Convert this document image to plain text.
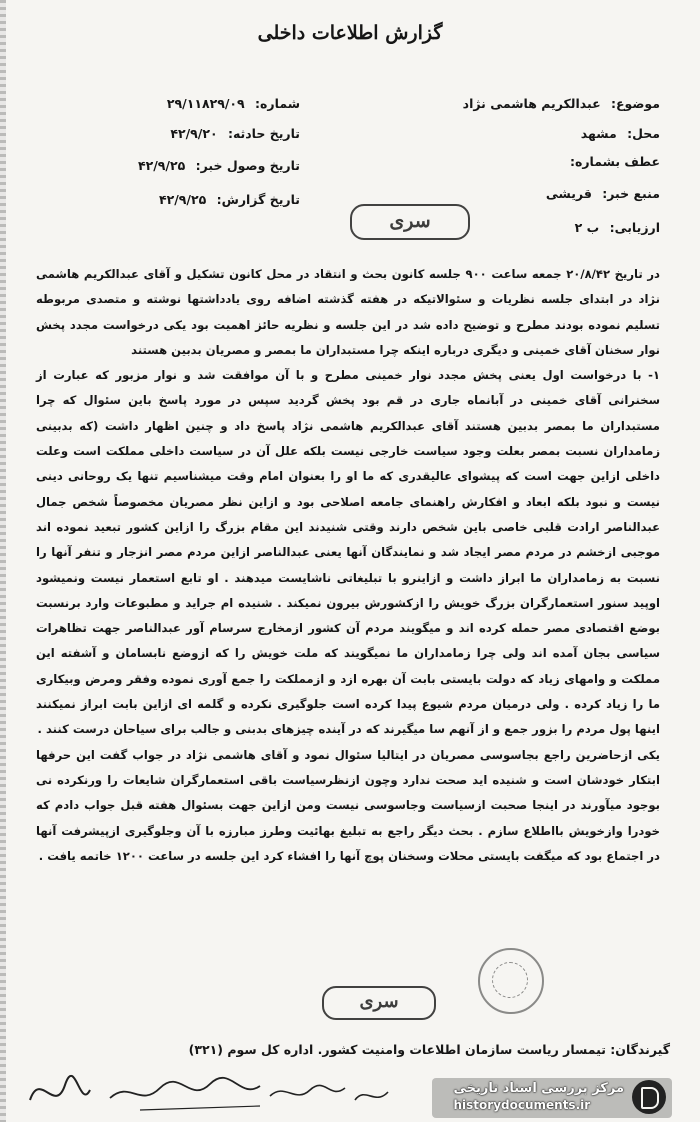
گزارش اطلاعات داخلی
موضوع: عبدالکریم هاشمی نژاد
محل: مشهد
عطف بشماره:
منبع خبر: قریشی
ارزیابی: ب ۲
شماره: ۲۹/۱۱۸۲۹/۰۹
تاریخ حادثه: ۴۲/۹/۲۰
تاریخ وصول خبر: ۴۲/۹/۲۵
تاریخ گزارش: ۴۲/۹/۲۵
سری

در تاریخ ۲۰/۸/۴۲ جمعه ساعت ۹۰۰ جلسه کانون بحث و انتقاد در محل کانون تشکیل و آقای عبدالکریم هاشمی نژاد در ابتدای جلسه نظریات و سئوالاتیکه در هفته گذشته اضافه روی یادداشتها نوشته و متصدی مربوطه تسلیم نموده بودند مطرح و توضیح داده شد در این جلسه و نظریه حائز اهمیت بود یکی درخواست مجدد پخش نوار سخنان آقای خمینی و دیگری درباره اینکه چرا مستبداران ما بمصر و مصریان بدبین هستند

۱- با درخواست اول یعنی پخش مجدد نوار خمینی مطرح و با آن موافقت شد و نوار مزبور که عبارت از سخنرانی آقای خمینی در آبانماه جاری در قم بود پخش گردید سپس در مورد پاسخ باین سئوال که چرا مستبداران ما بمصر بدبین هستند آقای عبدالکریم هاشمی نژاد پاسخ داد و چنین اظهار داشت (که بدبینی زمامداران نسبت بمصر بعلت وجود سیاست خارجی نیست بلکه علل آن در سیاست داخلی مملکت است وعلت داخلی ازاین جهت است که پیشوای عالیقدری که ما او را بعنوان امام وقت میشناسیم تنها یک روحانی دینی نیست و نبود بلکه ابعاد و افکارش راهنمای جامعه اصلاحی بود و ازاین نظر مصریان مخصوصاً شخص جمال عبدالناصر ارادت قلبی خاصی باین شخص دارند وقتی شنیدند این مقام بزرگ را ازاین کشور تبعید نموده اند موجبی ازخشم در مردم مصر ایجاد شد و نمایندگان آنها یعنی عبدالناصر ازاین مردم مصر انزجار و تنفر آنها را نسبت به زمامداران ما ابراز داشت و ازاینرو با تبلیغاتی ناشایست میدهند . او تابع استعمار نیست ونمیشود اوپید سنور استعمارگران بزرگ خویش را ازکشورش بیرون نمیکند . شنیده ام جراید و مطبوعات وارد برنسبت بوضع اقتصادی مصر حمله کرده اند و میگویند مردم آن کشور ازمخارج سرسام آور عبدالناصر جهت تظاهرات سیاسی بجان آمده اند ولی چرا زمامداران ما نمیگویند که ملت خویش را که ازوضع نابسامان و آشفته این مملکت و وامهای زیاد که دولت بایستی بابت آن بهره ازد و ازمملکت را جمع آوری نموده وفقر ومرض وبیکاری ما را زیاد کرده . ولی درمیان مردم شیوع پیدا کرده است جلوگیری نکرده و گلمه ای ازاین بابت ابراز نمیکنند اینها پول مردم را بزور جمع و از آنهم سا میگیرند که در آینده چیزهای بدبنی و جالب برای سیاحان درست کنند .

یکی ازحاضرین راجع بجاسوسی مصریان در ایتالیا سئوال نمود و آقای هاشمی نژاد در جواب گفت این حرفها ابتکار خودشان است و شنیده اید صحت ندارد وچون ازنظرسیاست باقی استعمارگران شایعات را ورنکرده نی بوجود میآورند در اینجا صحبت ازسیاست وجاسوسی نیست ومن ازاین جهت بسئوال هفته قبل جواب دادم که خودرا وازخویش بااطلاع سازم . بحث دیگر راجع به تبلیغ بهائیت وطرز مبارزه با آن وجلوگیری ازپیشرفت آنها در اجتماع بود که میگفت بایستی محلات وسخنان پوچ آنها را افشاء کرد این جلسه در ساعت ۱۲۰۰ خاتمه یافت .

سری
گیرندگان: تیمسار ریاست سازمان اطلاعات وامنیت کشور. اداره کل سوم (۳۲۱)
مرکز بررسی اسناد تاریخی
historydocuments.ir
